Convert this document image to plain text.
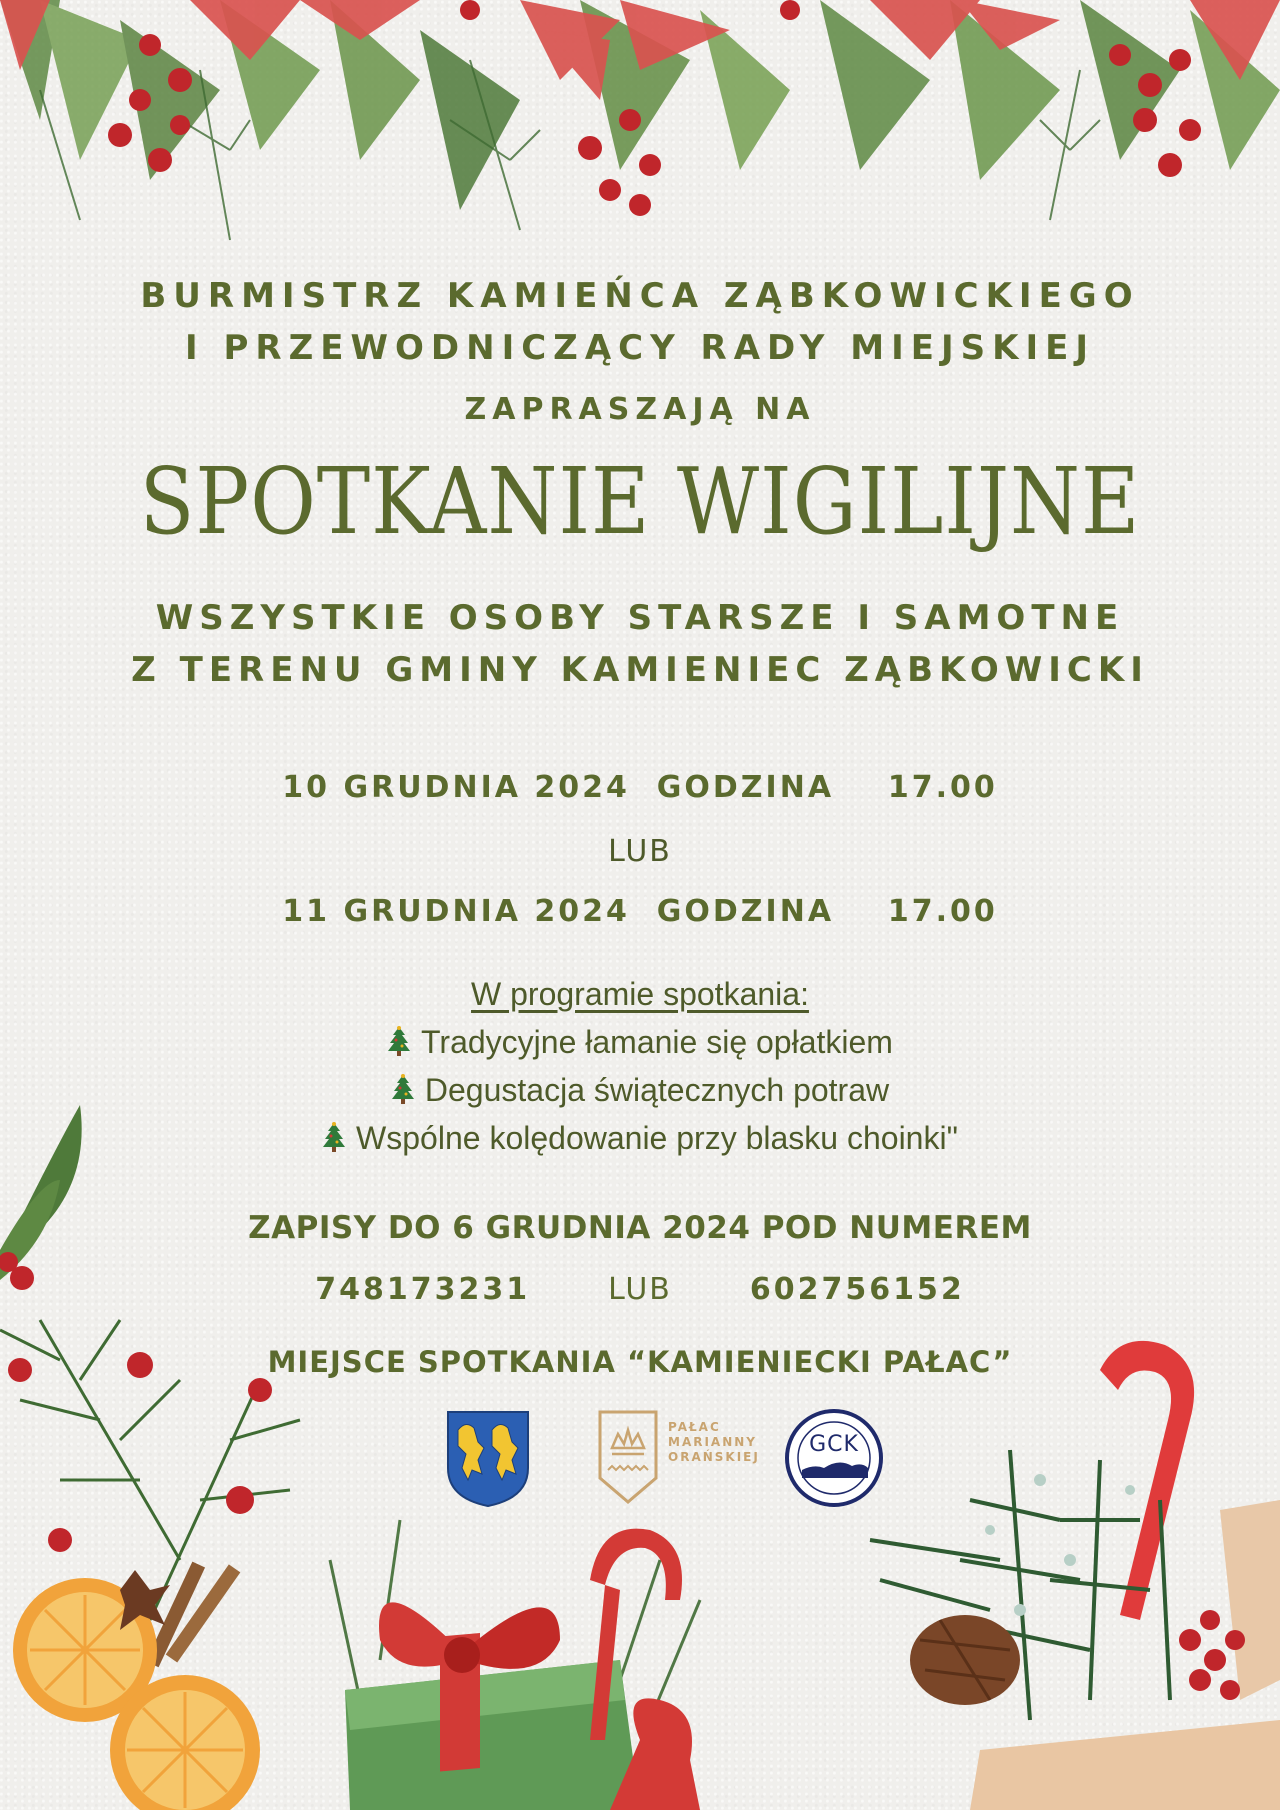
BURMISTRZ KAMIEŃCA ZĄBKOWICKIEGO
I PRZEWODNICZĄCY RADY MIEJSKIEJ
ZAPRASZAJĄ NA
SPOTKANIE WIGILIJNE
WSZYSTKIE OSOBY STARSZE I SAMOTNE
Z TERENU GMINY KAMIENIEC ZĄBKOWICKI
10 GRUDNIA 2024  GODZINA    17.00
LUB
11 GRUDNIA 2024  GODZINA    17.00
W programie spotkania:
Tradycyjne łamanie się opłatkiem
Degustacja świątecznych potraw
Wspólne kolędowanie przy blasku choinki"
ZAPISY DO 6 GRUDNIA 2024 POD NUMEREM
748173231	LUB	602756152
MIEJSCE SPOTKANIA “KAMIENIECKI PAŁAC”
PAŁAC
MARIANNY
ORAŃSKIEJ	GCK
